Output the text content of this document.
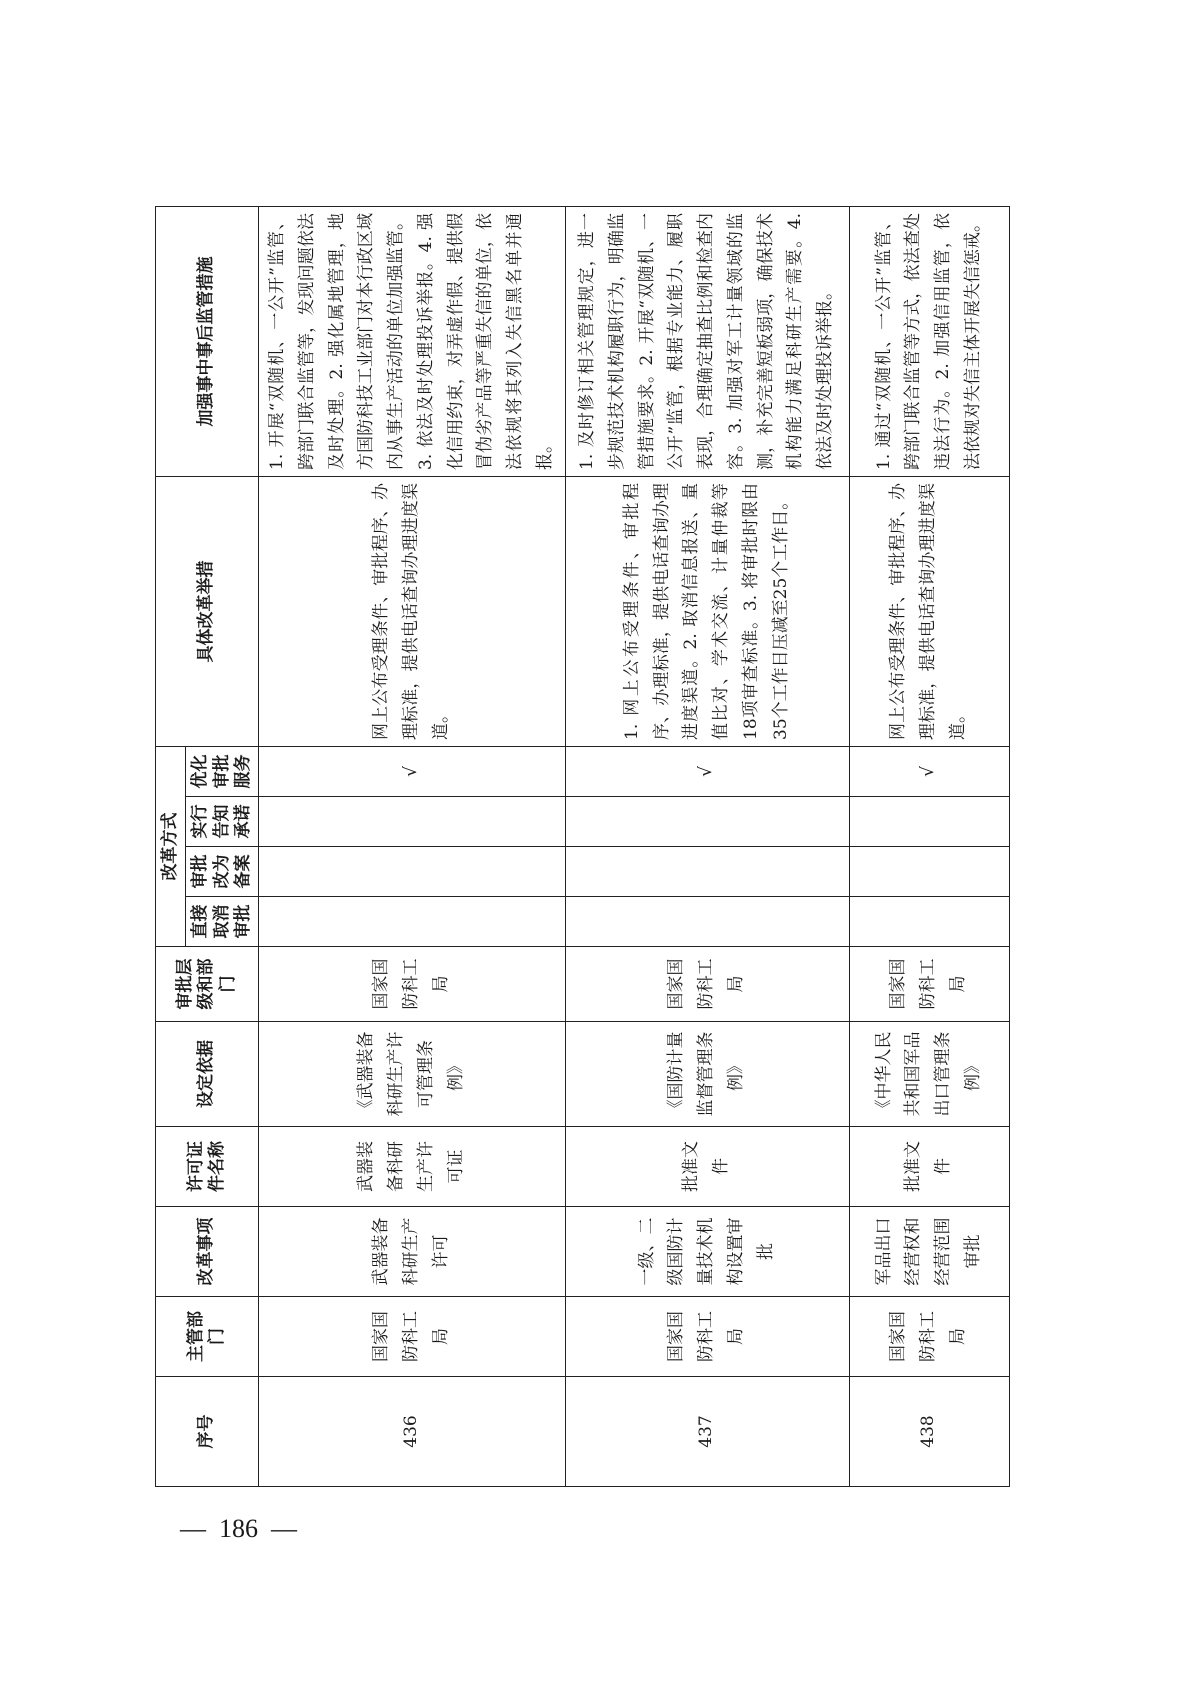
序号	主管部门	改革事项	许可证件名称	设定依据	审批层级和部门	改革方式				具体改革举措	加强事中事后监管措施
						直接取消审批	审批改为备案	实行告知承诺	优化审批服务		
436	国家国防科工局	武器装备科研生产许可	武器装备科研生产许可证	《武器装备科研生产许可管理条例》	国家国防科工局				√	网上公布受理条件、审批程序、办理标准，提供电话查询办理进度渠道。	1. 开展“双随机、一公开”监管、跨部门联合监管等，发现问题依法及时处理。2. 强化属地管理，地方国防科技工业部门对本行政区域内从事生产活动的单位加强监管。3. 依法及时处理投诉举报。4. 强化信用约束，对弄虚作假、提供假冒伪劣产品等严重失信的单位，依法依规将其列入失信黑名单并通报。
437	国家国防科工局	一级、二级国防计量技术机构设置审批	批准文件	《国防计量监督管理条例》	国家国防科工局				√	1. 网上公布受理条件、审批程序、办理标准，提供电话查询办理进度渠道。2. 取消信息报送、量值比对、学术交流、计量仲裁等18项审查标准。3. 将审批时限由35个工作日压减至25个工作日。	1. 及时修订相关管理规定，进一步规范技术机构履职行为，明确监管措施要求。2. 开展“双随机、一公开”监管，根据专业能力、履职表现，合理确定抽查比例和检查内容。3. 加强对军工计量领域的监测，补充完善短板弱项，确保技术机构能力满足科研生产需要。4. 依法及时处理投诉举报。
438	国家国防科工局	军品出口经营权和经营范围审批	批准文件	《中华人民共和国军品出口管理条例》	国家国防科工局				√	网上公布受理条件、审批程序、办理标准，提供电话查询办理进度渠道。	1. 通过“双随机、一公开”监管、跨部门联合监管等方式，依法查处违法行为。2. 加强信用监管，依法依规对失信主体开展失信惩戒。
—  186  —
